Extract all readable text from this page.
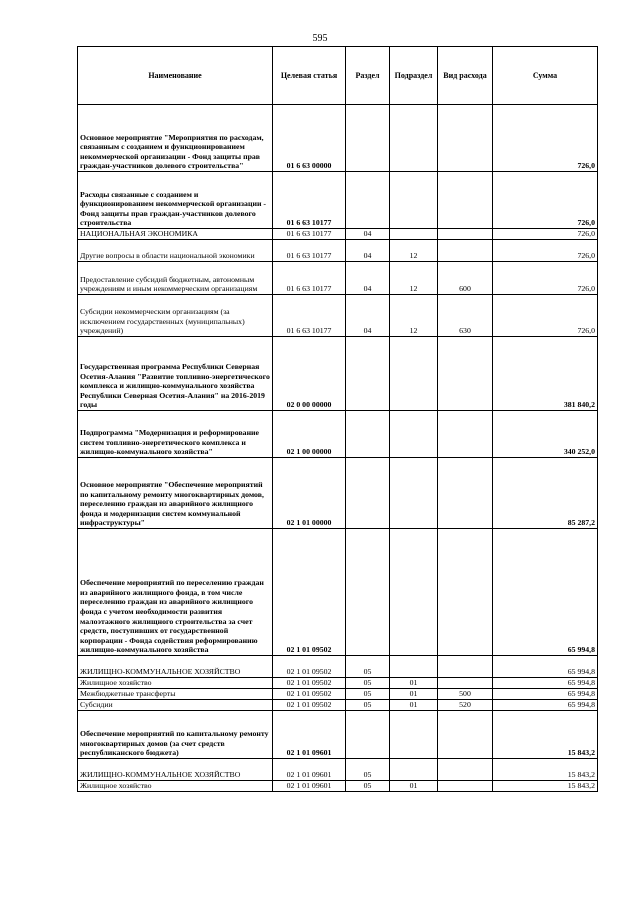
595
Наименование	Целевая статья	Раздел	Подраздел	Вид расхода	Сумма
Основное мероприятие "Мероприятия по расходам, связанным с созданием и функционированием некоммерческой организации - Фонд защиты прав граждан-участников долевого строительства"	01 6 63 00000				726,0
Расходы связанные с созданием и функционированием некоммерческой организации - Фонд защиты прав граждан-участников долевого строительства	01 6 63 10177				726,0
НАЦИОНАЛЬНАЯ ЭКОНОМИКА	01 6 63 10177	04			726,0
Другие вопросы в области национальной экономики	01 6 63 10177	04	12		726,0
Предоставление субсидий бюджетным, автономным учреждениям и иным некоммерческим организациям	01 6 63 10177	04	12	600	726,0
Субсидии некоммерческим организациям (за исключением государственных (муниципальных) учреждений)	01 6 63 10177	04	12	630	726,0
Государственная программа Республики Северная Осетия-Алания "Развитие топливно-энергетического комплекса и жилищно-коммунального хозяйства Республики Северная Осетия-Алания" на 2016-2019 годы	02 0 00 00000				381 840,2
Подпрограмма "Модернизация и реформирование систем топливно-энергетического комплекса и жилищно-коммунального хозяйства"	02 1 00 00000				340 252,0
Основное мероприятие "Обеспечение мероприятий по капитальному ремонту многоквартирных домов, переселению граждан из аварийного жилищного фонда и модернизации систем коммунальной инфраструктуры"	02 1 01 00000				85 287,2
Обеспечение мероприятий по переселению граждан из аварийного жилищного фонда, в том числе переселению граждан из аварийного жилищного фонда с учетом необходимости развития малоэтажного жилищного строительства за счет средств, поступивших от государственной корпорации - Фонда содействия реформированию жилищно-коммунального хозяйства	02 1 01 09502				65 994,8
ЖИЛИЩНО-КОММУНАЛЬНОЕ ХОЗЯЙСТВО	02 1 01 09502	05			65 994,8
Жилищное хозяйство	02 1 01 09502	05	01		65 994,8
Межбюджетные трансферты	02 1 01 09502	05	01	500	65 994,8
Субсидии	02 1 01 09502	05	01	520	65 994,8
Обеспечение мероприятий по капитальному ремонту многоквартирных домов (за счет средств республиканского бюджета)	02 1 01 09601				15 843,2
ЖИЛИЩНО-КОММУНАЛЬНОЕ ХОЗЯЙСТВО	02 1 01 09601	05			15 843,2
Жилищное хозяйство	02 1 01 09601	05	01		15 843,2
